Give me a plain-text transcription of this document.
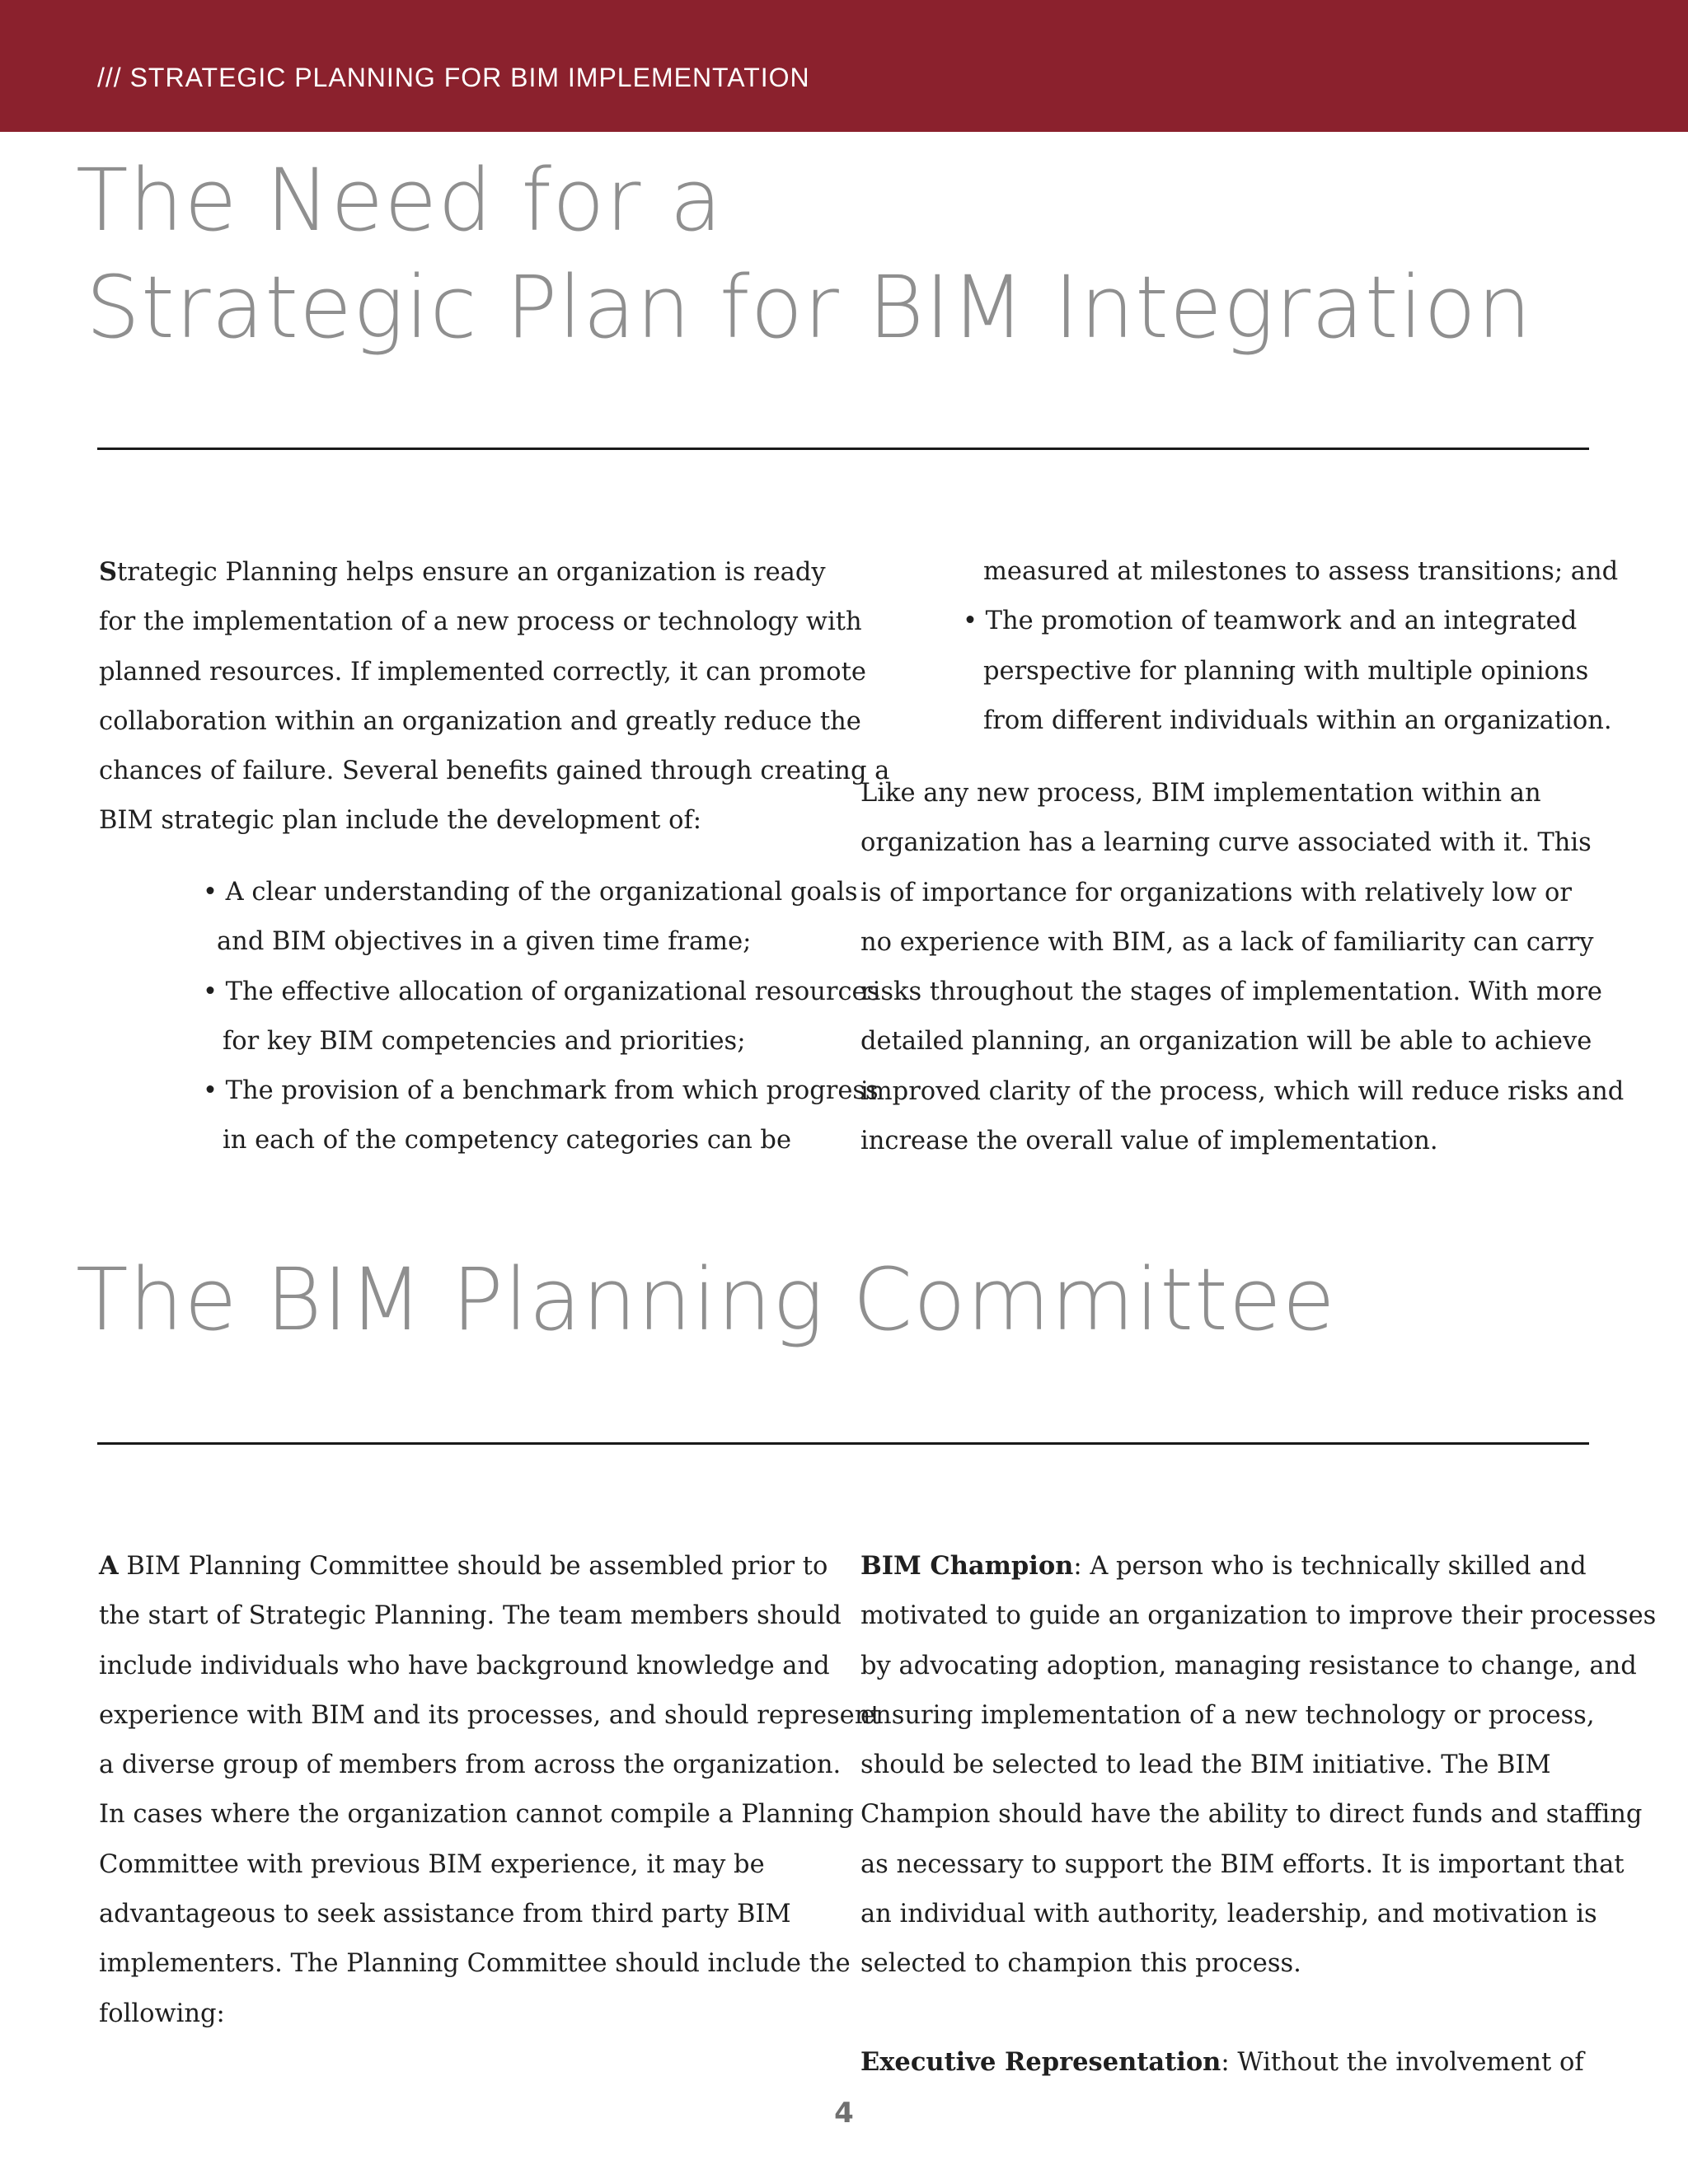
/// STRATEGIC PLANNING FOR BIM IMPLEMENTATION
The Need for a
Strategic Plan for BIM Integration
Strategic Planning helps ensure an organization is ready
for the implementation of a new process or technology with
planned resources. If implemented correctly, it can promote
collaboration within an organization and greatly reduce the
chances of failure. Several benefits gained through creating a
BIM strategic plan include the development of:
• A clear understanding of the organizational goals
and BIM objectives in a given time frame;
• The effective allocation of organizational resources
for key BIM competencies and priorities;
• The provision of a benchmark from which progress
in each of the competency categories can be
measured at milestones to assess transitions; and
• The promotion of teamwork and an integrated
perspective for planning with multiple opinions
from different individuals within an organization.
Like any new process, BIM implementation within an
organization has a learning curve associated with it. This
is of importance for organizations with relatively low or
no experience with BIM, as a lack of familiarity can carry
risks throughout the stages of implementation. With more
detailed planning, an organization will be able to achieve
improved clarity of the process, which will reduce risks and
increase the overall value of implementation.
The BIM Planning Committee
A BIM Planning Committee should be assembled prior to
the start of Strategic Planning. The team members should
include individuals who have background knowledge and
experience with BIM and its processes, and should represent
a diverse group of members from across the organization.
In cases where the organization cannot compile a Planning
Committee with previous BIM experience, it may be
advantageous to seek assistance from third party BIM
implementers. The Planning Committee should include the
following:
BIM Champion: A person who is technically skilled and
motivated to guide an organization to improve their processes
by advocating adoption, managing resistance to change, and
ensuring implementation of a new technology or process,
should be selected to lead the BIM initiative. The BIM
Champion should have the ability to direct funds and staffing
as necessary to support the BIM efforts. It is important that
an individual with authority, leadership, and motivation is
selected to champion this process.
Executive Representation: Without the involvement of
4
